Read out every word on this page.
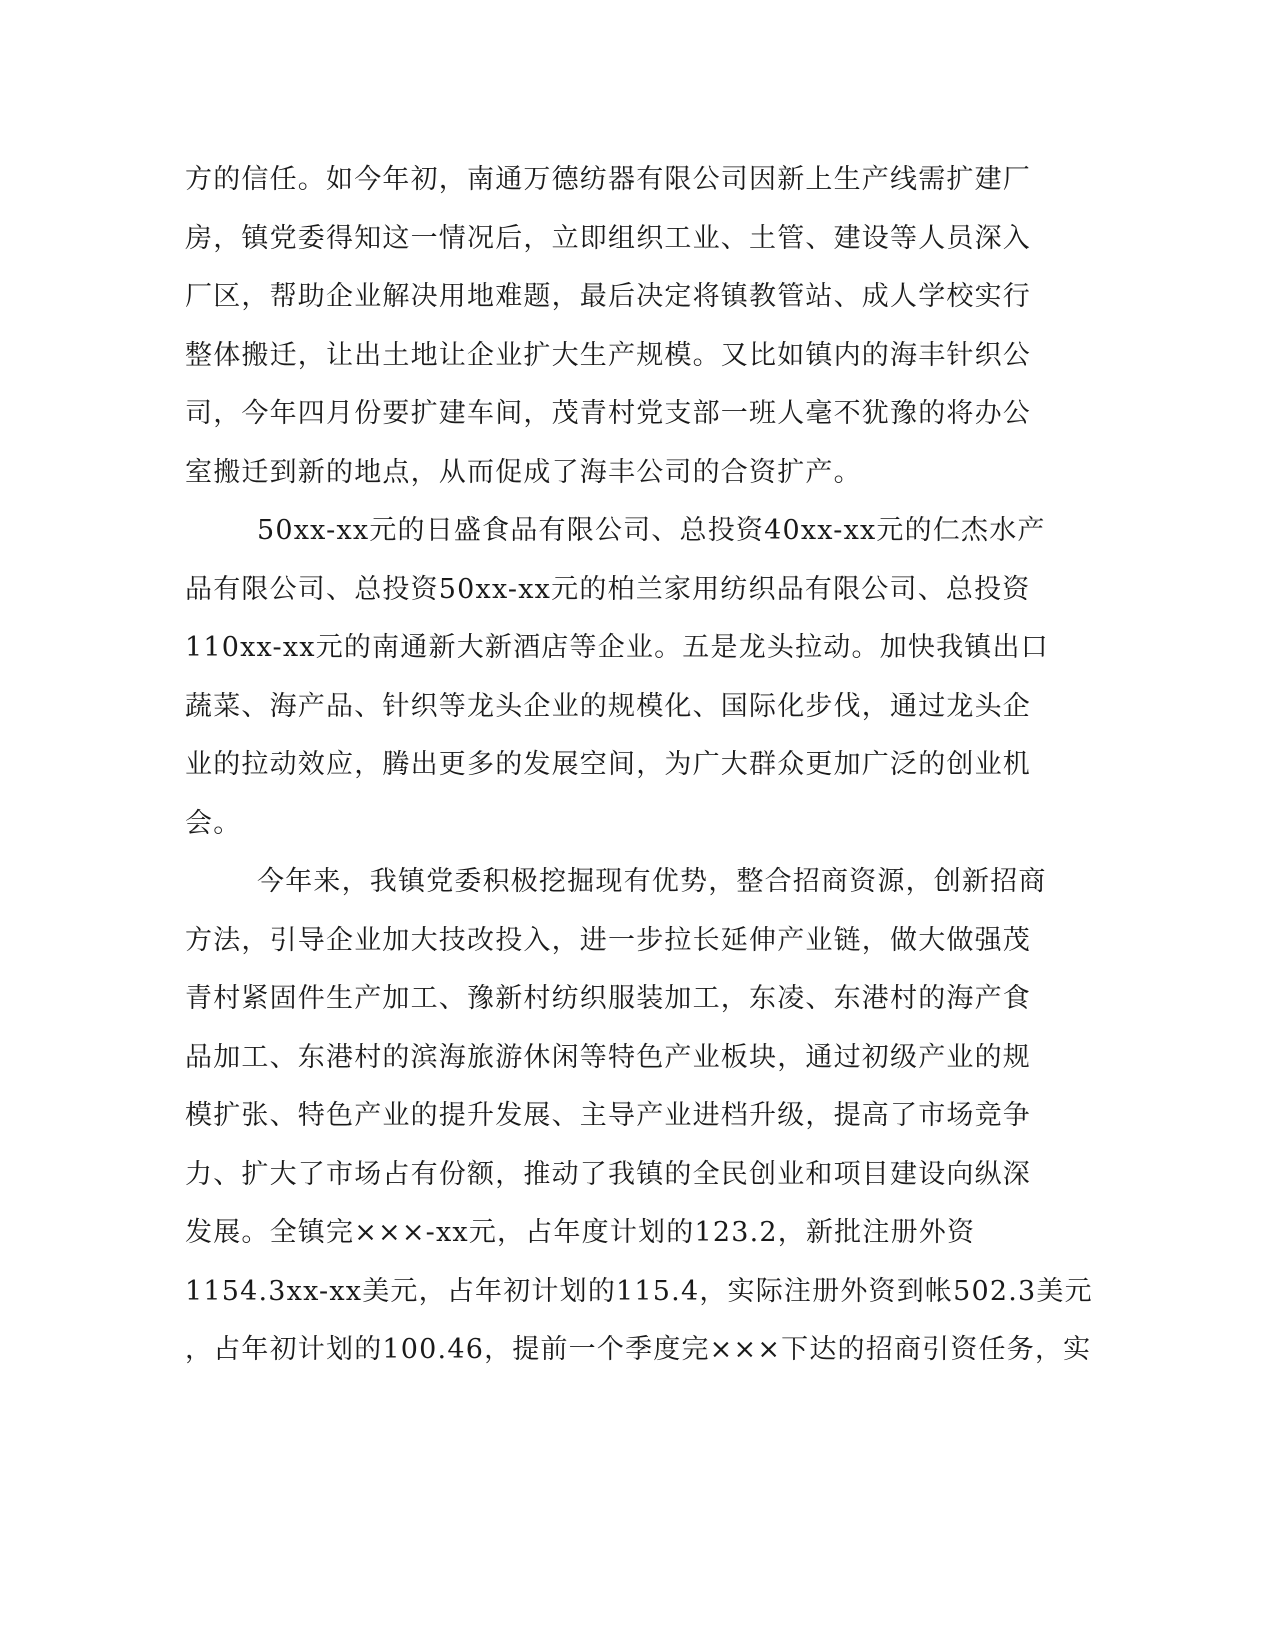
方的信任。如今年初，南通万德纺器有限公司因新上生产线需扩建厂
房，镇党委得知这一情况后，立即组织工业、土管、建设等人员深入
厂区，帮助企业解决用地难题，最后决定将镇教管站、成人学校实行
整体搬迁，让出土地让企业扩大生产规模。又比如镇内的海丰针织公
司，今年四月份要扩建车间，茂青村党支部一班人毫不犹豫的将办公
室搬迁到新的地点，从而促成了海丰公司的合资扩产。
50xx-xx元的日盛食品有限公司、总投资40xx-xx元的仁杰水产
品有限公司、总投资50xx-xx元的柏兰家用纺织品有限公司、总投资
110xx-xx元的南通新大新酒店等企业。五是龙头拉动。加快我镇出口
蔬菜、海产品、针织等龙头企业的规模化、国际化步伐，通过龙头企
业的拉动效应，腾出更多的发展空间，为广大群众更加广泛的创业机
会。
今年来，我镇党委积极挖掘现有优势，整合招商资源，创新招商
方法，引导企业加大技改投入，进一步拉长延伸产业链，做大做强茂
青村紧固件生产加工、豫新村纺织服装加工，东凌、东港村的海产食
品加工、东港村的滨海旅游休闲等特色产业板块，通过初级产业的规
模扩张、特色产业的提升发展、主导产业进档升级，提高了市场竞争
力、扩大了市场占有份额，推动了我镇的全民创业和项目建设向纵深
发展。全镇完×××-xx元，占年度计划的123.2，新批注册外资
1154.3xx-xx美元，占年初计划的115.4，实际注册外资到帐502.3美元
，占年初计划的100.46，提前一个季度完×××下达的招商引资任务，实
